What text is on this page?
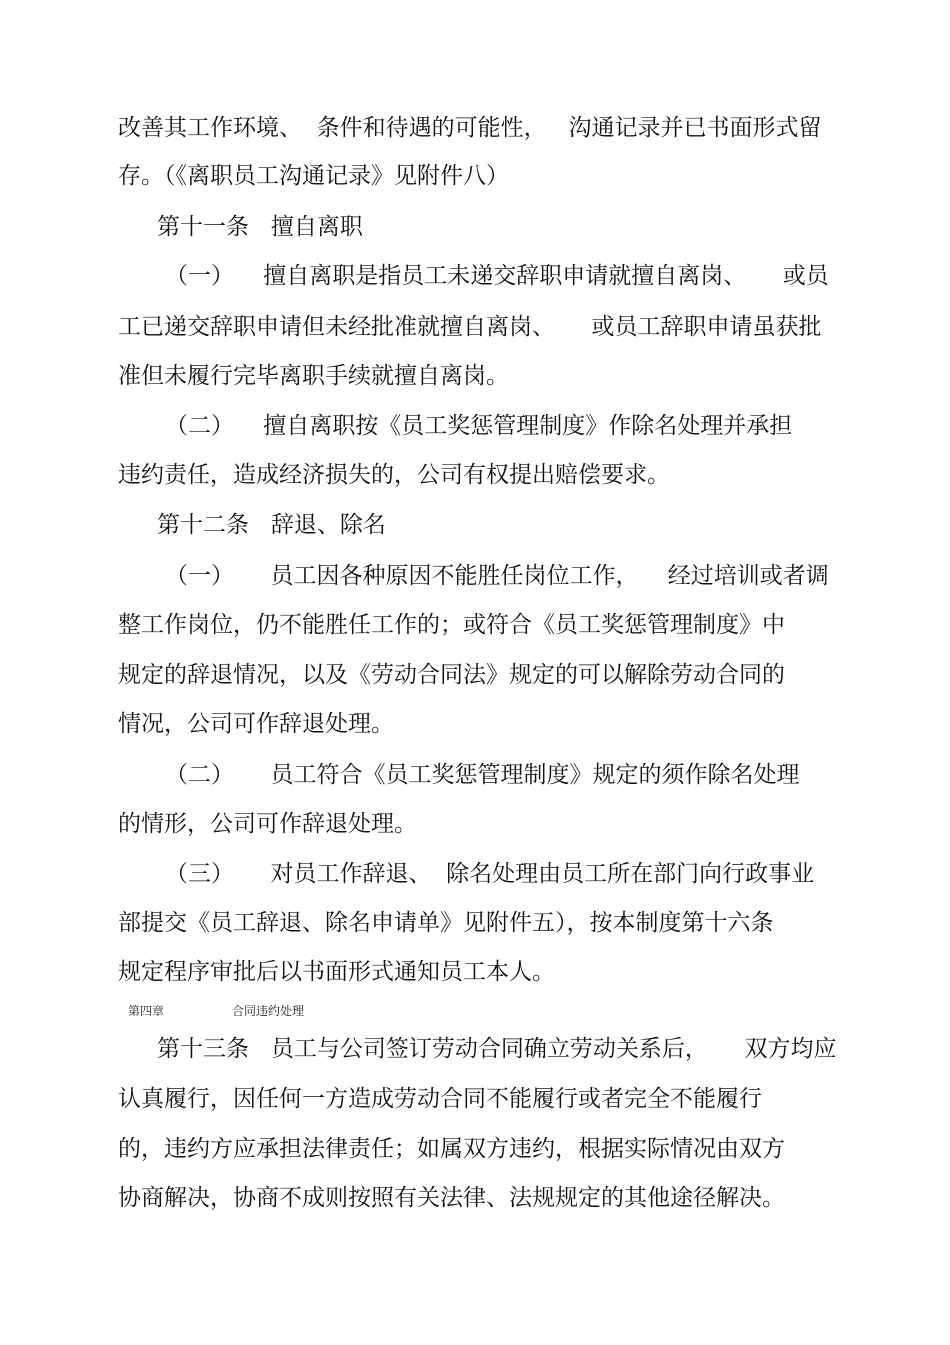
改善其工作环境、  条件和待遇的可能性，   沟通记录并已书面形式留
存。（《离职员工沟通记录》见附件八）
第十一条   擅自离职
（一）    擅自离职是指员工未递交辞职申请就擅自离岗、     或员
工已递交辞职申请但未经批准就擅自离岗、     或员工辞职申请虽获批
准但未履行完毕离职手续就擅自离岗。
（二）    擅自离职按《员工奖惩管理制度》作除名处理并承担
违约责任，造成经济损失的，公司有权提出赔偿要求。
第十二条   辞退、除名
（一）     员工因各种原因不能胜任岗位工作，    经过培训或者调
整工作岗位，仍不能胜任工作的；或符合《员工奖惩管理制度》中
规定的辞退情况，以及《劳动合同法》规定的可以解除劳动合同的
情况，公司可作辞退处理。
（二）     员工符合《员工奖惩管理制度》规定的须作除名处理
的情形，公司可作辞退处理。
（三）     对员工作辞退、  除名处理由员工所在部门向行政事业
部提交《员工辞退、除名申请单》见附件五），按本制度第十六条
规定程序审批后以书面形式通知员工本人。
第四章	合同违约处理
第十三条   员工与公司签订劳动合同确立劳动关系后，     双方均应
认真履行，因任何一方造成劳动合同不能履行或者完全不能履行
的，违约方应承担法律责任；如属双方违约，根据实际情况由双方
协商解决，协商不成则按照有关法律、法规规定的其他途径解决。
